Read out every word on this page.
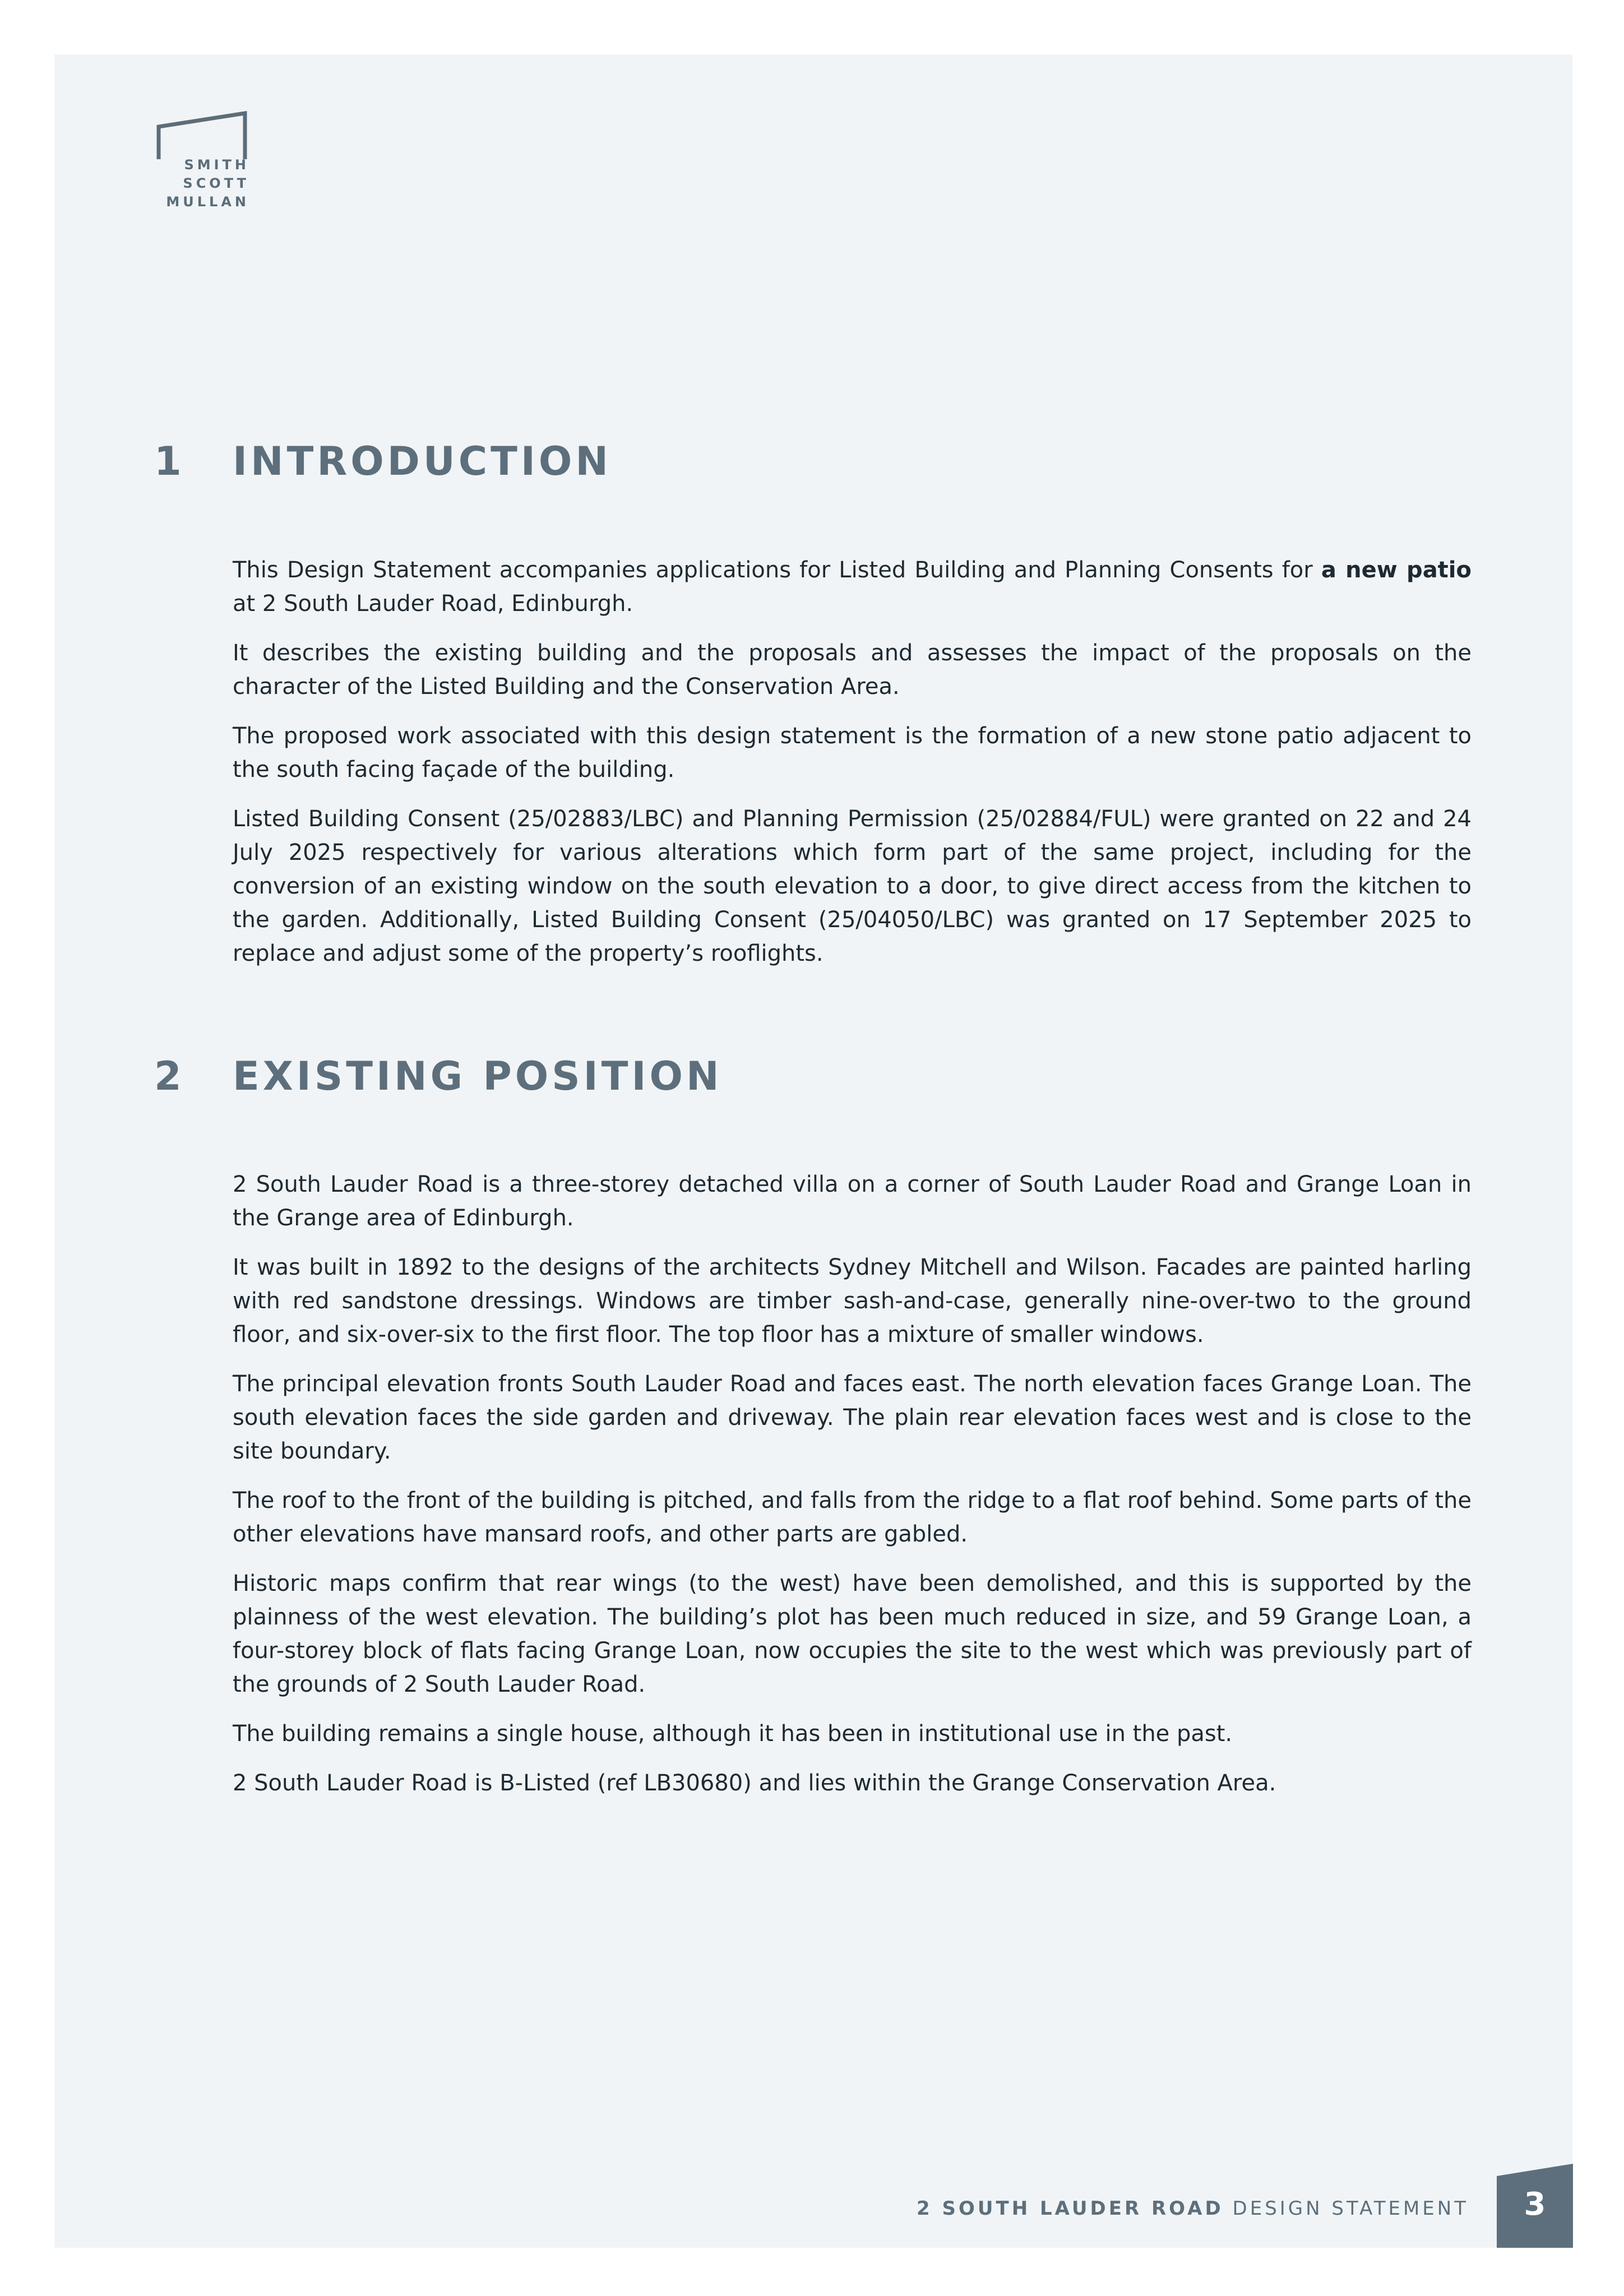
SMITH
SCOTT
MULLAN
1 INTRODUCTION

This Design Statement accompanies applications for Listed Building and Planning Consents for a new patio at 2 South Lauder Road, Edinburgh.

It describes the existing building and the proposals and assesses the impact of the proposals on the character of the Listed Building and the Conservation Area.

The proposed work associated with this design statement is the formation of a new stone patio adjacent to the south facing façade of the building.

Listed Building Consent (25/02883/LBC) and Planning Permission (25/02884/FUL) were granted on 22 and 24 July 2025 respectively for various alterations which form part of the same project, including for the conversion of an existing window on the south elevation to a door, to give direct access from the kitchen to the garden. Additionally, Listed Building Consent (25/04050/LBC) was granted on 17 September 2025 to replace and adjust some of the property’s rooflights.

2 EXISTING POSITION

2 South Lauder Road is a three-storey detached villa on a corner of South Lauder Road and Grange Loan in the Grange area of Edinburgh.

It was built in 1892 to the designs of the architects Sydney Mitchell and Wilson. Facades are painted harling with red sandstone dressings. Windows are timber sash-and-case, generally nine-over-two to the ground floor, and six-over-six to the first floor. The top floor has a mixture of smaller windows.

The principal elevation fronts South Lauder Road and faces east. The north elevation faces Grange Loan. The south elevation faces the side garden and driveway. The plain rear elevation faces west and is close to the site boundary.

The roof to the front of the building is pitched, and falls from the ridge to a flat roof behind. Some parts of the other elevations have mansard roofs, and other parts are gabled.

Historic maps confirm that rear wings (to the west) have been demolished, and this is supported by the plainness of the west elevation. The building’s plot has been much reduced in size, and 59 Grange Loan, a four-storey block of flats facing Grange Loan, now occupies the site to the west which was previously part of the grounds of 2 South Lauder Road.

The building remains a single house, although it has been in institutional use in the past.

2 South Lauder Road is B-Listed (ref LB30680) and lies within the Grange Conservation Area.

2 SOUTH LAUDER ROAD DESIGN STATEMENT	3
